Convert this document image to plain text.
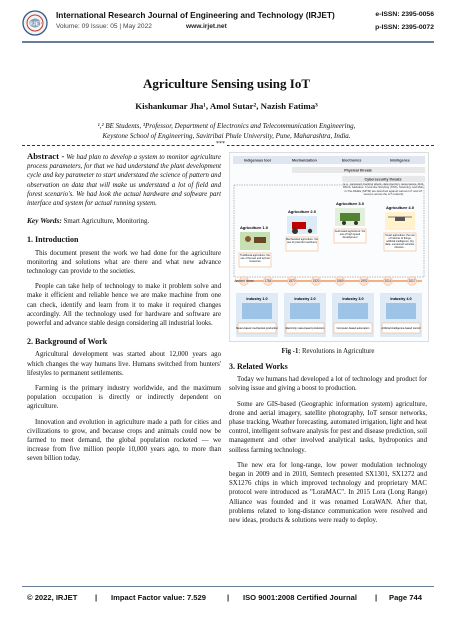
IRJET
International Research Journal of Engineering and Technology (IRJET)
Volume: 09 Issue: 05 | May 2022	www.irjet.net
e-ISSN: 2395-0056
p-ISSN: 2395-0072
Agriculture Sensing using IoT
Kishankumar Jha¹, Amol Sutar², Nazish Fatima³
¹,² BE Students, ³Professor, Department of Electronics and Telecommunication Engineering,
Keystone School of Engineering, Savitribai Phule University, Pune, Maharashtra, India.
***
Abstract - We had plan to develop a system to monitor agriculture process parameters, for that we had understand the plant development cycle and key parameter to start understand the science of pattern and observation on data that will make us understand a lot of field and forest scenario's. We had look the actual hardware and software part interface and system for actual running system.
Key Words: Smart Agriculture, Monitoring.
1. Introduction

This document present the work we had done for the agriculture monitoring and solutions what are there and what new advance technology can provide to the societies.

People can take help of technology to make it problem solve and make it efficient and reliable hence we are make machine from one can check, identify and learn from it to make it required changes accordingly. All the technology used for hardware and software are powerful and advance stable design considering all industrial looks.

2. Background of Work

Agricultural development was started about 12,000 years ago which changes the way humans live. Humans switched from hunters' lifestyles to permanent settlements.

Farming is the primary industry worldwide, and the maximum population occupation is directly or indirectly dependent on agriculture.

Innovation and evolution in agriculture made a path for cities and civilizations to grow, and because crops and animals could now be farmed to meet demand, the global population rocketed — we increase from five million people 10,000 years ago, to more than seven billion today.

Indigenous tool	Mechanization	Electronics	Intelligence
Physical threats
Cybersecurity threats
(e.g., password cracking attack, data injection, ransomware, DoS, DDoS, backdoor, Cross-site Scripting (XSS), Scanning, and Man-in-The-Middle (MITM) are launched against various IoT and IoT sensors across the IoT network)
Agriculture 1.0
Traditional agriculture: the use of human and animal resources
Agriculture 2.0
Mechanized agriculture: the use of powerful machinery
Agriculture 3.0
Automated agriculture: the use of high speed development
Agriculture 4.0
Smart agriculture: the use of Internet of things, artificial intelligence, big data, unmanned vehicles, robotics...
Ancient times	1784	1870	1920	1969	1992	2014	2017
Industry 1.0
Steam-based mechanical production
Industry 2.0
Electricity mass-based production
Industry 3.0
Computer-based automation
Industry 4.0
Artificial intelligence-based control
Fig -1: Revolutions in Agriculture
3. Related Works

Today we humans had developed a lot of technology and product for solving issue and giving a boost to production.

Some are GIS-based (Geographic information system) agriculture, drone and aerial imagery, satellite photography, IoT sensor networks, phase tracking, Weather forecasting, automated irrigation, light and heat control, intelligent software analysis for pest and disease prediction, soil management and other involved analytical tasks, hydroponics and soilless farming technology.

The new era for long-range, low power modulation technology began in 2009 and in 2010, Semtech presented SX1301, SX1272 and SX1276 chips in which improved technology and proprietary MAC protocol were introduced as "LoraMAC". In 2015 Lora (Long Range) Alliance was founded and it was renamed LoraWAN. After that, problems related to long-distance communication were resolved and new ideas, products & solutions were ready to deploy.

© 2022, IRJET | Impact Factor value: 7.529	| ISO 9001:2008 Certified Journal | Page 744
